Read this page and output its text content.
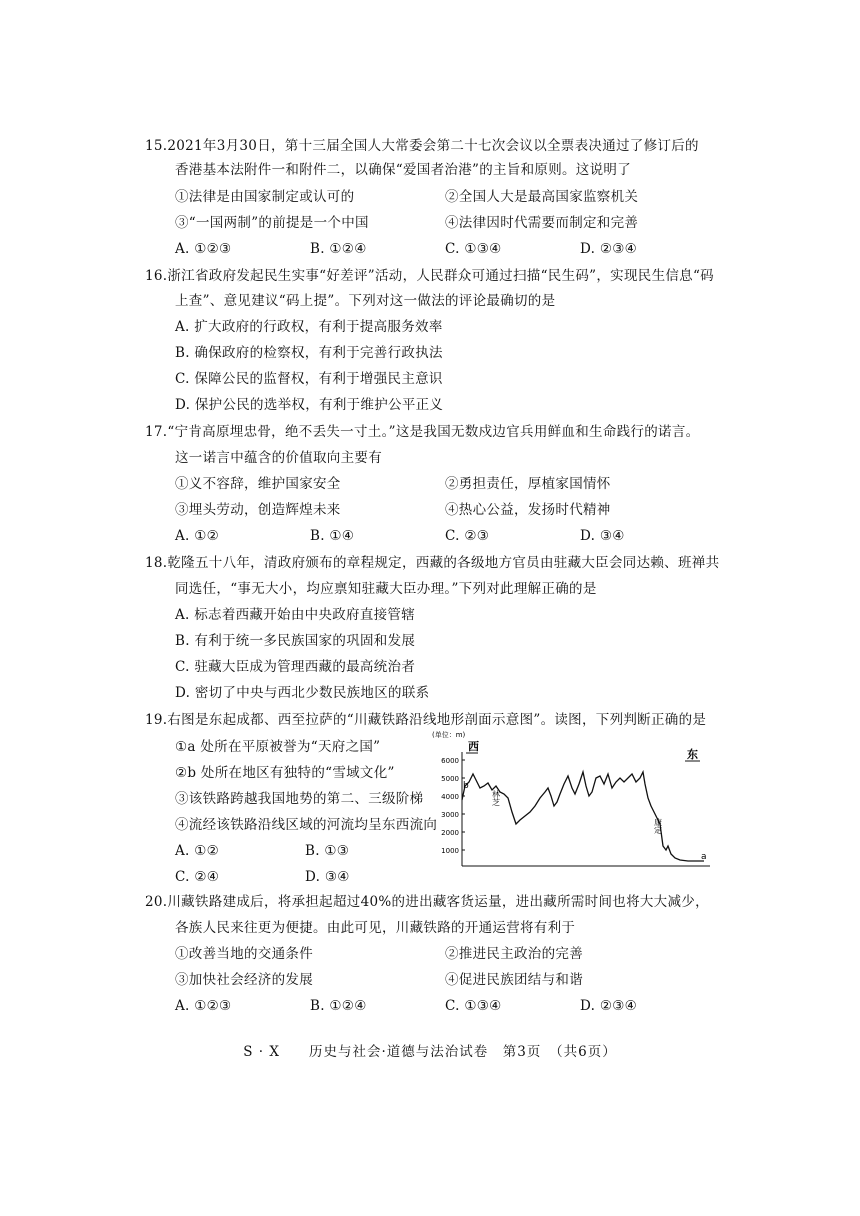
15.2021年3月30日，第十三届全国人大常委会第二十七次会议以全票表决通过了修订后的
香港基本法附件一和附件二，以确保“爱国者治港”的主旨和原则。这说明了
①法律是由国家制定或认可的	②全国人大是最高国家监察机关
③“一国两制”的前提是一个中国	④法律因时代需要而制定和完善
A. ①②③	B. ①②④	C. ①③④	D. ②③④
16.浙江省政府发起民生实事“好差评”活动，人民群众可通过扫描“民生码”，实现民生信息“码
上查”、意见建议“码上提”。下列对这一做法的评论最确切的是
A. 扩大政府的行政权，有利于提高服务效率
B. 确保政府的检察权，有利于完善行政执法
C. 保障公民的监督权，有利于增强民主意识
D. 保护公民的选举权，有利于维护公平正义
17.“宁肯高原埋忠骨，绝不丢失一寸土。”这是我国无数戍边官兵用鲜血和生命践行的诺言。
这一诺言中蕴含的价值取向主要有
①义不容辞，维护国家安全	②勇担责任，厚植家国情怀
③埋头劳动，创造辉煌未来	④热心公益，发扬时代精神
A. ①②	B. ①④	C. ②③	D. ③④
18.乾隆五十八年，清政府颁布的章程规定，西藏的各级地方官员由驻藏大臣会同达赖、班禅共
同选任，“事无大小，均应禀知驻藏大臣办理。”下列对此理解正确的是
A. 标志着西藏开始由中央政府直接管辖
B. 有利于统一多民族国家的巩固和发展
C. 驻藏大臣成为管理西藏的最高统治者
D. 密切了中央与西北少数民族地区的联系
19.右图是东起成都、西至拉萨的“川藏铁路沿线地形剖面示意图”。读图，下列判断正确的是
①a 处所在平原被誉为“天府之国”
②b 处所在地区有独特的“雪域文化”
③该铁路跨越我国地势的第二、三级阶梯
④流经该铁路沿线区域的河流均呈东西流向
A. ①②	B. ①③
C. ②④	D. ③④
(单位：m)
西
东
6000
5000
4000
3000
2000
1000
b
a
林芝
康定
20.川藏铁路建成后，将承担起超过40%的进出藏客货运量，进出藏所需时间也将大大减少，
各族人民来往更为便捷。由此可见，川藏铁路的开通运营将有利于
①改善当地的交通条件	②推进民主政治的完善
③加快社会经济的发展	④促进民族团结与和谐
A. ①②③	B. ①②④	C. ①③④	D. ②③④
S · X　　历史与社会·道德与法治试卷　第3页　（共6页）
